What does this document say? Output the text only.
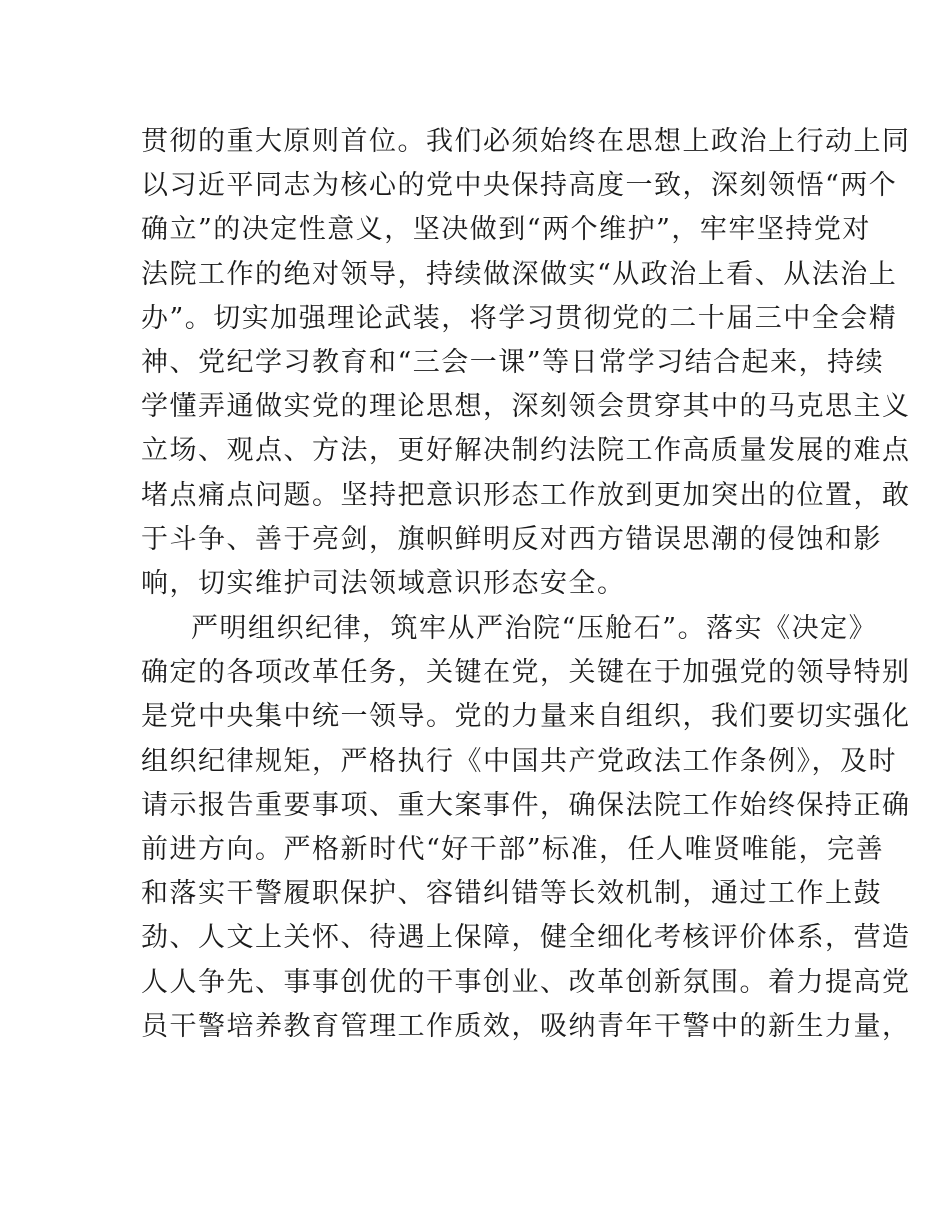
贯彻的重大原则首位。我们必须始终在思想上政治上行动上同
以习近平同志为核心的党中央保持高度一致，深刻领悟“两个
确立”的决定性意义，坚决做到“两个维护”，牢牢坚持党对
法院工作的绝对领导，持续做深做实“从政治上看、从法治上
办”。切实加强理论武装，将学习贯彻党的二十届三中全会精
神、党纪学习教育和“三会一课”等日常学习结合起来，持续
学懂弄通做实党的理论思想，深刻领会贯穿其中的马克思主义
立场、观点、方法，更好解决制约法院工作高质量发展的难点
堵点痛点问题。坚持把意识形态工作放到更加突出的位置，敢
于斗争、善于亮剑，旗帜鲜明反对西方错误思潮的侵蚀和影
响，切实维护司法领域意识形态安全。
严明组织纪律，筑牢从严治院“压舱石”。落实《决定》
确定的各项改革任务，关键在党，关键在于加强党的领导特别
是党中央集中统一领导。党的力量来自组织，我们要切实强化
组织纪律规矩，严格执行《中国共产党政法工作条例》，及时
请示报告重要事项、重大案事件，确保法院工作始终保持正确
前进方向。严格新时代“好干部”标准，任人唯贤唯能，完善
和落实干警履职保护、容错纠错等长效机制，通过工作上鼓
劲、人文上关怀、待遇上保障，健全细化考核评价体系，营造
人人争先、事事创优的干事创业、改革创新氛围。着力提高党
员干警培养教育管理工作质效，吸纳青年干警中的新生力量，
